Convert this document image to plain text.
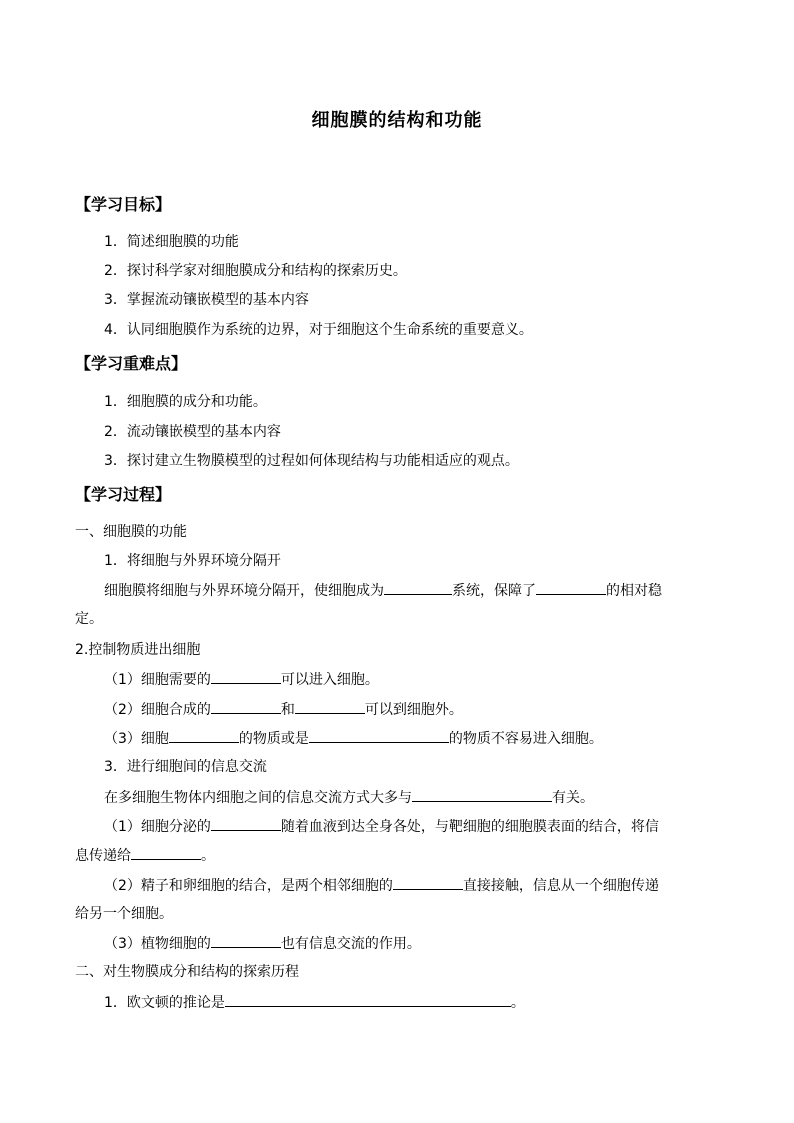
细胞膜的结构和功能
【学习目标】
1．简述细胞膜的功能
2．探讨科学家对细胞膜成分和结构的探索历史。
3．掌握流动镶嵌模型的基本内容
4．认同细胞膜作为系统的边界，对于细胞这个生命系统的重要意义。
【学习重难点】
1．细胞膜的成分和功能。
2．流动镶嵌模型的基本内容
3．探讨建立生物膜模型的过程如何体现结构与功能相适应的观点。
【学习过程】
一、细胞膜的功能
1．将细胞与外界环境分隔开
细胞膜将细胞与外界环境分隔开，使细胞成为	系统，保障了	的相对稳
定。
2.控制物质进出细胞
（1）细胞需要的	可以进入细胞。
（2）细胞合成的	和	可以到细胞外。
（3）细胞	的物质或是	的物质不容易进入细胞。
3．进行细胞间的信息交流
在多细胞生物体内细胞之间的信息交流方式大多与	有关。
（1）细胞分泌的	随着血液到达全身各处，与靶细胞的细胞膜表面的结合，将信
息传递给	。
（2）精子和卵细胞的结合，是两个相邻细胞的	直接接触，信息从一个细胞传递
给另一个细胞。
（3）植物细胞的	也有信息交流的作用。
二、对生物膜成分和结构的探索历程
1．欧文顿的推论是	。
